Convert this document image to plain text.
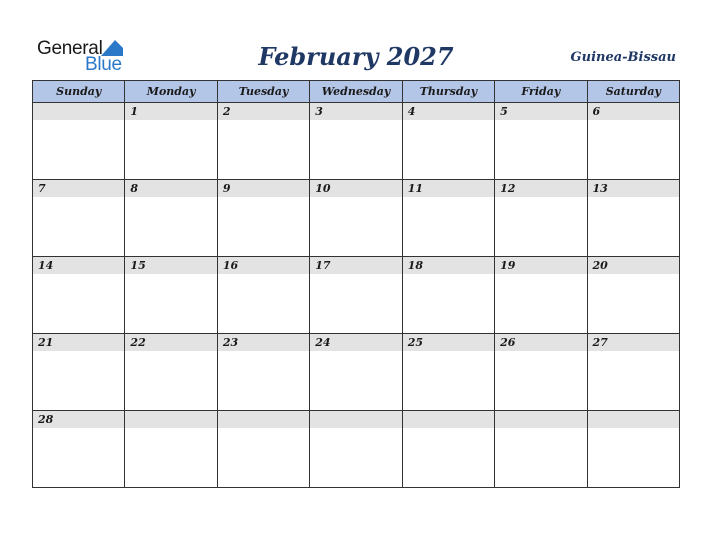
General
Blue	February 2027	Guinea-Bissau
Sunday	Monday	Tuesday	Wednesday	Thursday	Friday	Saturday

	1	2	3	4	5	6

7	8	9	10	11	12	13

14	15	16	17	18	19	20

21	22	23	24	25	26	27

28						
